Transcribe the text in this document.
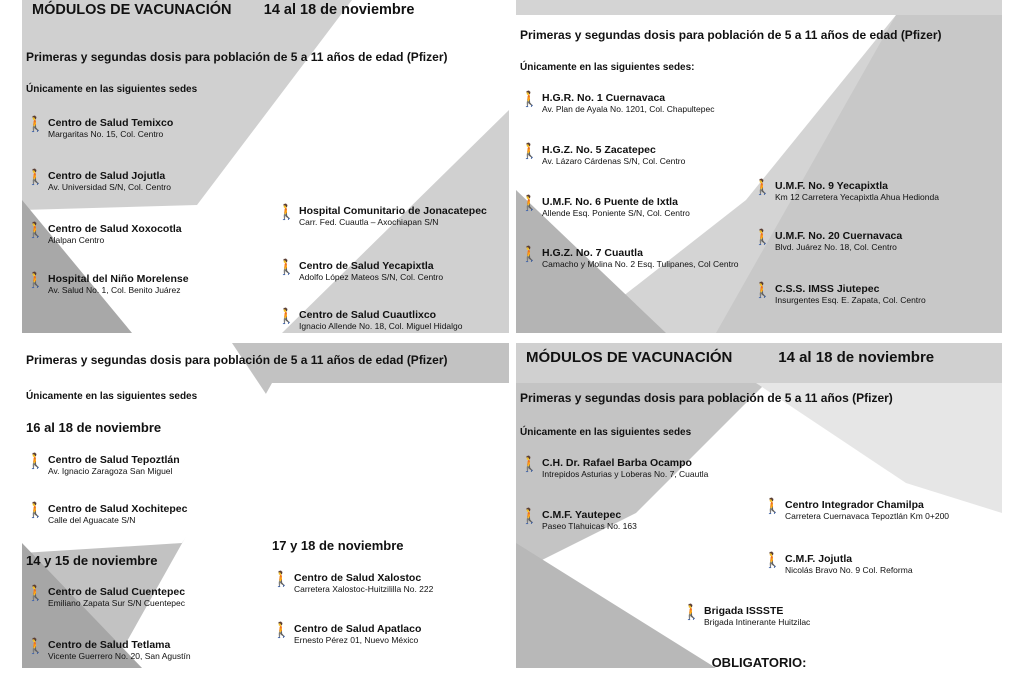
MÓDULOS DE VACUNACIÓN 14 al 18 de noviembre
Primeras y segundas dosis para población de 5 a 11 años de edad (Pfizer)
Únicamente en las siguientes sedes
🚶 Centro de Salud Temixco
Margaritas No. 15, Col. Centro
🚶 Centro de Salud Jojutla
Av. Universidad S/N, Col. Centro
🚶 Centro de Salud Xoxocotla
Alalpan Centro
🚶 Hospital del Niño Morelense
Av. Salud No. 1, Col. Benito Juárez
🚶 Hospital Comunitario de Jonacatepec
Carr. Fed. Cuautla – Axochiapan S/N
🚶 Centro de Salud Yecapixtla
Adolfo López Mateos S/N, Col. Centro
🚶 Centro de Salud Cuautlixco
Ignacio Allende No. 18, Col. Miguel Hidalgo
Primeras y segundas dosis para población de 5 a 11 años de edad (Pfizer)
Únicamente en las siguientes sedes:
🚶 H.G.R. No. 1 Cuernavaca
Av. Plan de Ayala No. 1201, Col. Chapultepec
🚶 H.G.Z. No. 5 Zacatepec
Av. Lázaro Cárdenas S/N, Col. Centro
🚶 U.M.F. No. 6 Puente de Ixtla
Allende Esq. Poniente S/N, Col. Centro
🚶 H.G.Z. No. 7 Cuautla
Camacho y Molina No. 2 Esq. Tulipanes, Col Centro
🚶 U.M.F. No. 9 Yecapixtla
Km 12 Carretera Yecapixtla Ahua Hedionda
🚶 U.M.F. No. 20 Cuernavaca
Blvd. Juárez No. 18, Col. Centro
🚶 C.S.S. IMSS Jiutepec
Insurgentes Esq. E. Zapata, Col. Centro
Primeras y segundas dosis para población de 5 a 11 años de edad (Pfizer)
Únicamente en las siguientes sedes
16 al 18 de noviembre
🚶 Centro de Salud Tepoztlán
Av. Ignacio Zaragoza San Miguel
🚶 Centro de Salud Xochitepec
Calle del Aguacate S/N
14 y 15 de noviembre
🚶 Centro de Salud Cuentepec
Emiliano Zapata Sur S/N Cuentepec
🚶 Centro de Salud Tetlama
Vicente Guerrero No. 20, San Agustín
17 y 18 de noviembre
🚶 Centro de Salud Xalostoc
Carretera Xalostoc-Huitzililla No. 222
🚶 Centro de Salud Apatlaco
Ernesto Pérez 01, Nuevo México
MÓDULOS DE VACUNACIÓN	14 al 18 de noviembre
Primeras y segundas dosis para población de 5 a 11 años (Pfizer)
Únicamente en las siguientes sedes
🚶 C.H. Dr. Rafael Barba Ocampo
Intrepidos Asturias y Loberas No. 7, Cuautla
🚶 C.M.F. Yautepec
Paseo Tlahuicas No. 163
🚶 Centro Integrador Chamilpa
Carretera Cuernavaca Tepoztlán Km 0+200
🚶 C.M.F. Jojutla
Nicolás Bravo No. 9 Col. Reforma
🚶 Brigada ISSSTE
Brigada Intinerante Huitzilac
OBLIGATORIO:
